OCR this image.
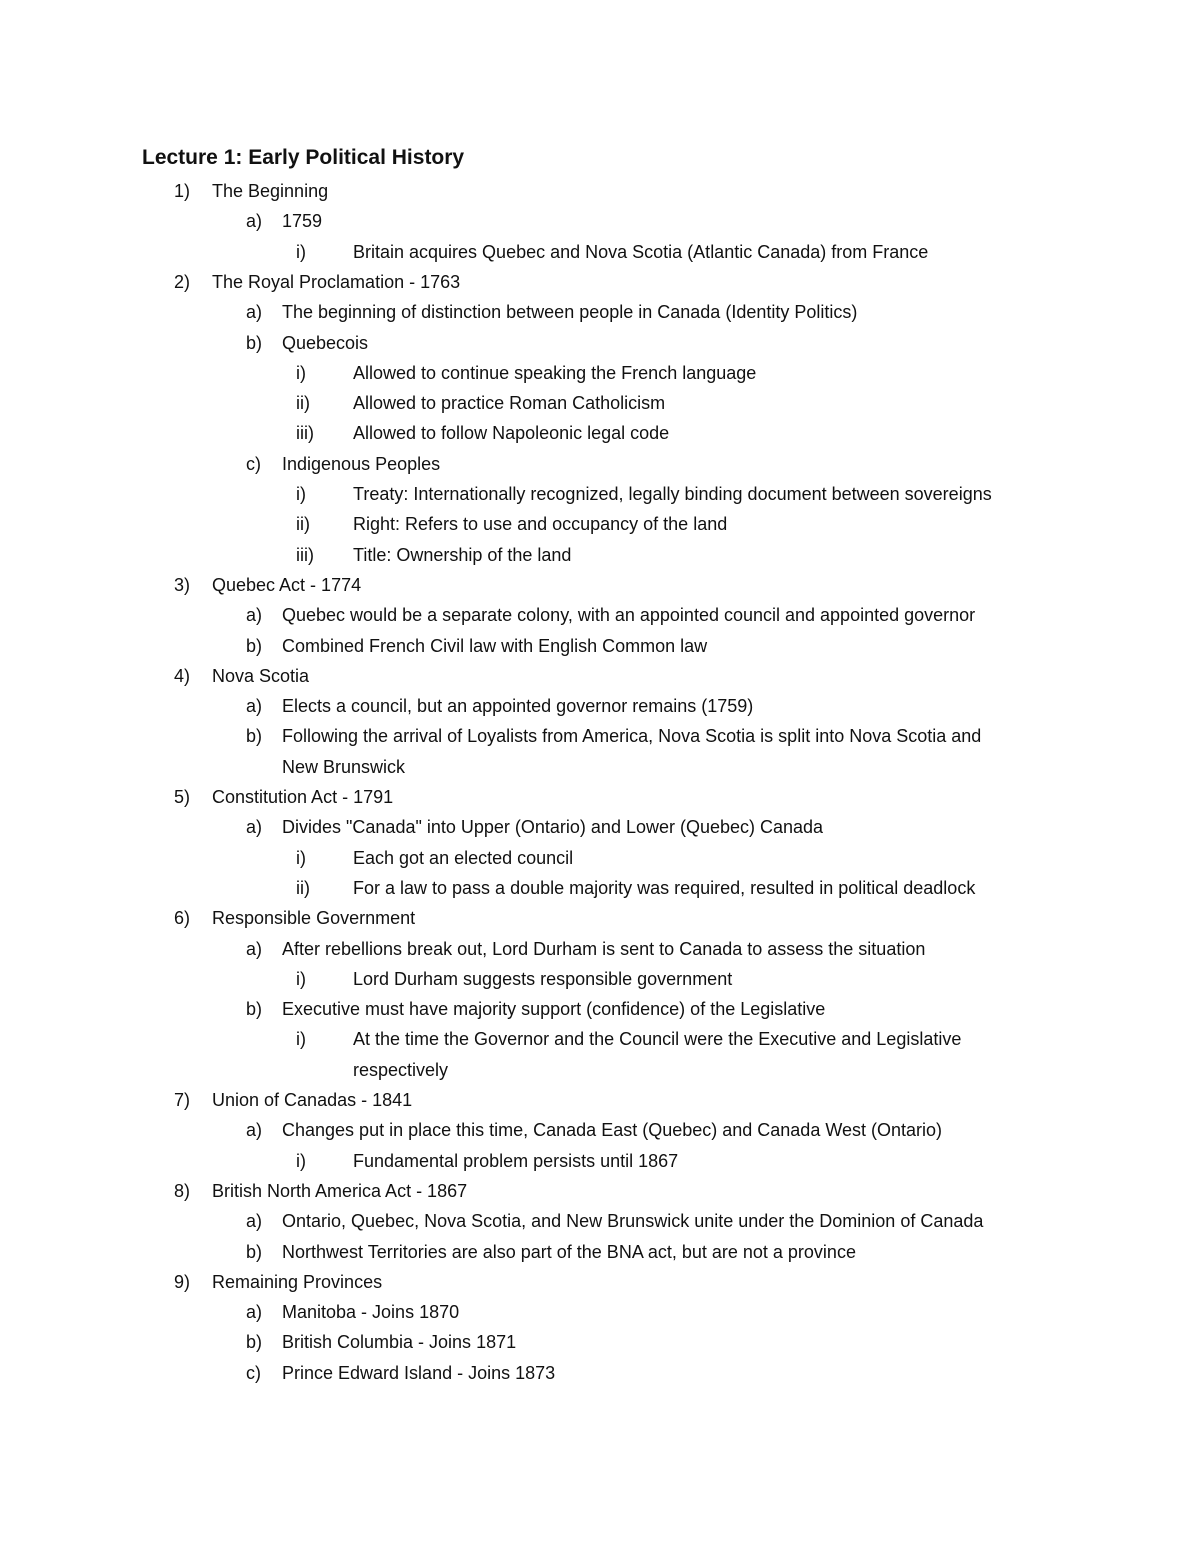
Lecture 1: Early Political History
1) The Beginning
a) 1759
i)	Britain acquires Quebec and Nova Scotia (Atlantic Canada) from France
2) The Royal Proclamation - 1763
a) The beginning of distinction between people in Canada (Identity Politics)
b) Quebecois
i)	Allowed to continue speaking the French language
ii) Allowed to practice Roman Catholicism
iii) Allowed to follow Napoleonic legal code
c) Indigenous Peoples
i)	Treaty: Internationally recognized, legally binding document between sovereigns
ii) Right: Refers to use and occupancy of the land
iii) Title: Ownership of the land
3) Quebec Act - 1774
a) Quebec would be a separate colony, with an appointed council and appointed governor
b) Combined French Civil law with English Common law
4) Nova Scotia
a) Elects a council, but an appointed governor remains (1759)
b) Following the arrival of Loyalists from America, Nova Scotia is split into Nova Scotia and
New Brunswick
5) Constitution Act - 1791
a) Divides "Canada" into Upper (Ontario) and Lower (Quebec) Canada
i)	Each got an elected council
ii) For a law to pass a double majority was required, resulted in political deadlock
6) Responsible Government
a) After rebellions break out, Lord Durham is sent to Canada to assess the situation
i)	Lord Durham suggests responsible government
b) Executive must have majority support (confidence) of the Legislative
i)	At the time the Governor and the Council were the Executive and Legislative
respectively
7) Union of Canadas - 1841
a) Changes put in place this time, Canada East (Quebec) and Canada West (Ontario)
i)	Fundamental problem persists until 1867
8) British North America Act - 1867
a) Ontario, Quebec, Nova Scotia, and New Brunswick unite under the Dominion of Canada
b) Northwest Territories are also part of the BNA act, but are not a province
9) Remaining Provinces
a) Manitoba - Joins 1870
b) British Columbia - Joins 1871
c) Prince Edward Island - Joins 1873
